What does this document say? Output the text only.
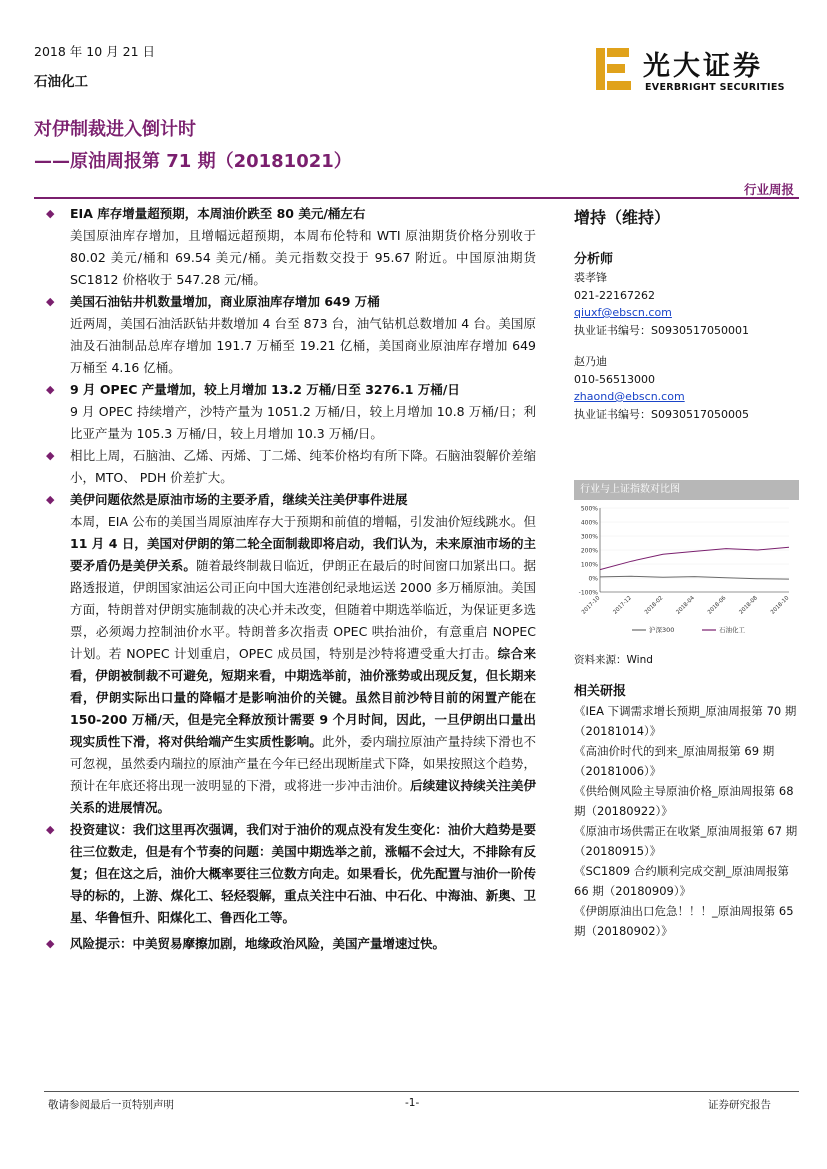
2018 年 10 月 21 日
石油化工
对伊制裁进入倒计时
——原油周报第 71 期（20181021）
光大证券
EVERBRIGHT SECURITIES
行业周报
◆ EIA 库存增量超预期，本周油价跌至 80 美元/桶左右
美国原油库存增加，且增幅远超预期，本周布伦特和 WTI 原油期货价格分别收于 80.02 美元/桶和 69.54 美元/桶。美元指数交投于 95.67 附近。中国原油期货 SC1812 价格收于 547.28 元/桶。
◆ 美国石油钻井机数量增加，商业原油库存增加 649 万桶
近两周，美国石油活跃钻井数增加 4 台至 873 台，油气钻机总数增加 4 台。美国原油及石油制品总库存增加 191.7 万桶至 19.21 亿桶，美国商业原油库存增加 649 万桶至 4.16 亿桶。
◆ 9 月 OPEC 产量增加，较上月增加 13.2 万桶/日至 3276.1 万桶/日
9 月 OPEC 持续增产，沙特产量为 1051.2 万桶/日，较上月增加 10.8 万桶/日；利比亚产量为 105.3 万桶/日，较上月增加 10.3 万桶/日。
◆ 相比上周，石脑油、乙烯、丙烯、丁二烯、纯苯价格均有所下降。石脑油裂解价差缩小，MTO、 PDH 价差扩大。
◆ 美伊问题依然是原油市场的主要矛盾，继续关注美伊事件进展
本周，EIA 公布的美国当周原油库存大于预期和前值的增幅，引发油价短线跳水。但 11 月 4 日，美国对伊朗的第二轮全面制裁即将启动，我们认为，未来原油市场的主要矛盾仍是美伊关系。随着最终制裁日临近，伊朗正在最后的时间窗口加紧出口。据路透报道，伊朗国家油运公司正向中国大连港创纪录地运送 2000 多万桶原油。美国方面，特朗普对伊朗实施制裁的决心并未改变，但随着中期选举临近，为保证更多选票，必须竭力控制油价水平。特朗普多次指责 OPEC 哄抬油价，有意重启 NOPEC 计划。若 NOPEC 计划重启，OPEC 成员国，特别是沙特将遭受重大打击。综合来看，伊朗被制裁不可避免，短期来看，中期选举前，油价涨势或出现反复，但长期来看，伊朗实际出口量的降幅才是影响油价的关键。虽然目前沙特目前的闲置产能在 150-200 万桶/天，但是完全释放预计需要 9 个月时间，因此，一旦伊朗出口量出现实质性下滑，将对供给端产生实质性影响。此外，委内瑞拉原油产量持续下滑也不可忽视，虽然委内瑞拉的原油产量在今年已经出现断崖式下降，如果按照这个趋势，预计在年底还将出现一波明显的下滑，或将进一步冲击油价。后续建议持续关注美伊关系的进展情况。
◆ 投资建议：我们这里再次强调，我们对于油价的观点没有发生变化：油价大趋势是要往三位数走，但是有个节奏的问题：美国中期选举之前，涨幅不会过大，不排除有反复；但在这之后，油价大概率要往三位数方向走。如果看长，优先配置与油价一阶传导的标的，上游、煤化工、轻烃裂解，重点关注中石油、中石化、中海油、新奥、卫星、华鲁恒升、阳煤化工、鲁西化工等。
◆ 风险提示：中美贸易摩擦加剧，地缘政治风险，美国产量增速过快。
增持（维持）
分析师
裘孝锋
021-22167262
qiuxf@ebscn.com
执业证书编号：S0930517050001
赵乃迪
010-56513000
zhaond@ebscn.com
执业证书编号：S0930517050005
行业与上证指数对比图
500%
400%
300%
200%
100%
0%
-100%
2017-10 2017-12 2018-02 2018-04 2018-06 2018-08 2018-10
沪深300	石油化工
资料来源：Wind
相关研报
《IEA 下调需求增长预期_原油周报第 70 期（20181014）》
《高油价时代的到来_原油周报第 69 期（20181006）》
《供给侧风险主导原油价格_原油周报第 68 期（20180922）》
《原油市场供需正在收紧_原油周报第 67 期（20180915）》
《SC1809 合约顺利完成交割_原油周报第 66 期（20180909）》
《伊朗原油出口危急！！！_原油周报第 65 期（20180902）》
敬请参阅最后一页特别声明	-1-	证券研究报告
